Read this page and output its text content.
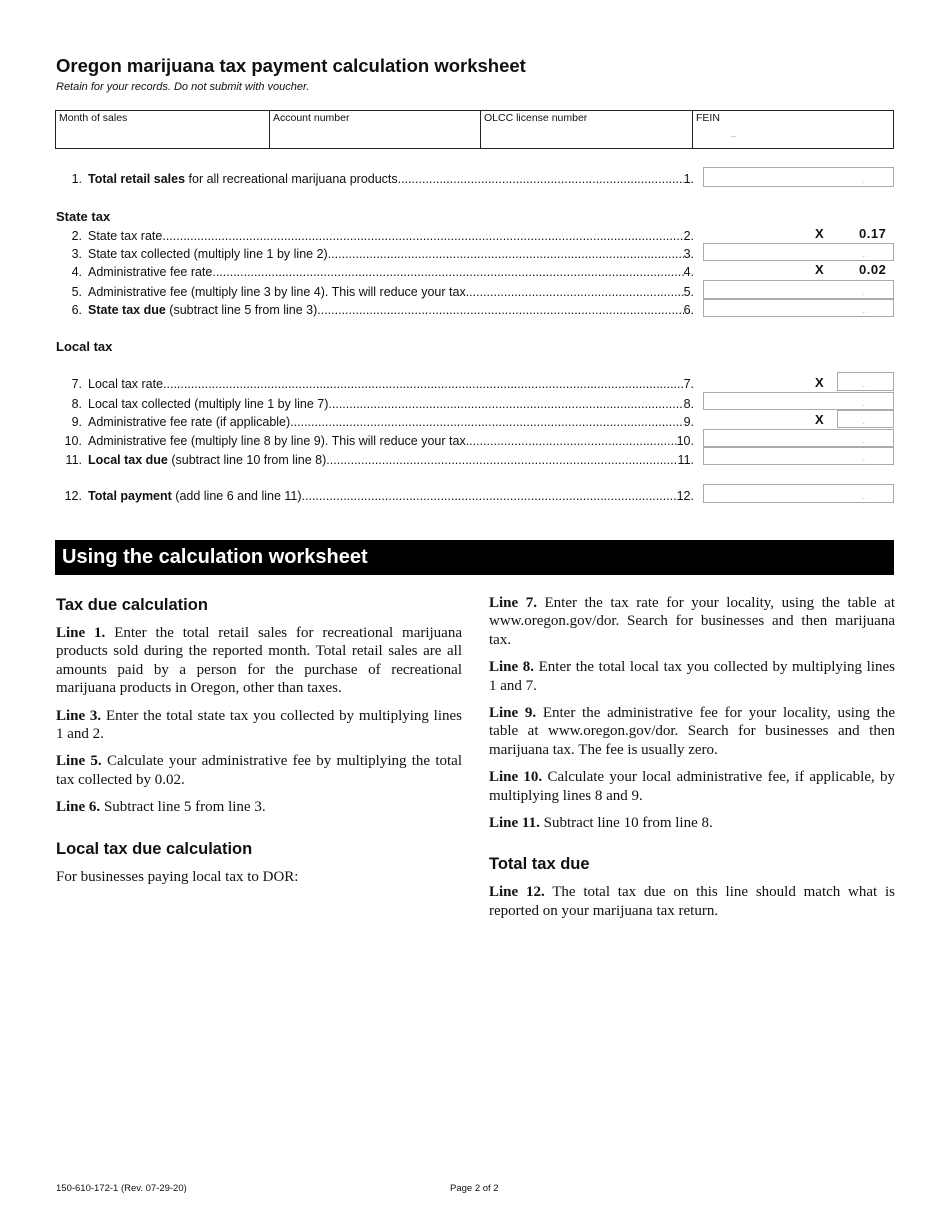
Oregon marijuana tax payment calculation worksheet
Retain for your records. Do not submit with voucher.
Month of sales	Account number	OLCC license number	FEIN
–
1. Total retail sales for all recreational marijuana products .....	1.	.
State tax
2. State tax rate .....	2.	X	0.17
3. State tax collected (multiply line 1 by line 2) .....	3.	.
4. Administrative fee rate .....	4.	X	0.02
5. Administrative fee (multiply line 3 by line 4). This will reduce your tax .....	5.	.
6. State tax due (subtract line 5 from line 3) .....	6.	.
Local tax
7. Local tax rate. .....	7.	X	.
8. Local tax collected (multiply line 1 by line 7) .....	8.	.
9. Administrative fee rate (if applicable) .....	9.	X	.
10. Administrative fee (multiply line 8 by line 9). This will reduce your tax .....	10.	.
11. Local tax due (subtract line 10 from line 8) .....	11.	.
12. Total payment (add line 6 and line 11) .....	12.	.
Using the calculation worksheet
Tax due calculation

Line 1. Enter the total retail sales for recreational marijuana products sold during the reported month. Total retail sales are all amounts paid by a person for the purchase of recreational marijuana products in Oregon, other than taxes.

Line 3. Enter the total state tax you collected by multiplying lines 1 and 2.

Line 5. Calculate your administrative fee by multiplying the total tax collected by 0.02.

Line 6. Subtract line 5 from line 3.

Local tax due calculation

For businesses paying local tax to DOR:

Line 7. Enter the tax rate for your locality, using the table at www.oregon.gov/dor. Search for businesses and then marijuana tax.

Line 8. Enter the total local tax you collected by multiplying lines 1 and 7.

Line 9. Enter the administrative fee for your locality, using the table at www.oregon.gov/dor. Search for businesses and then marijuana tax. The fee is usually zero.

Line 10. Calculate your local administrative fee, if applicable, by multiplying lines 8 and 9.

Line 11. Subtract line 10 from line 8.

Total tax due

Line 12. The total tax due on this line should match what is reported on your marijuana tax return.

150-610-172-1 (Rev. 07-29-20)	Page 2 of 2
